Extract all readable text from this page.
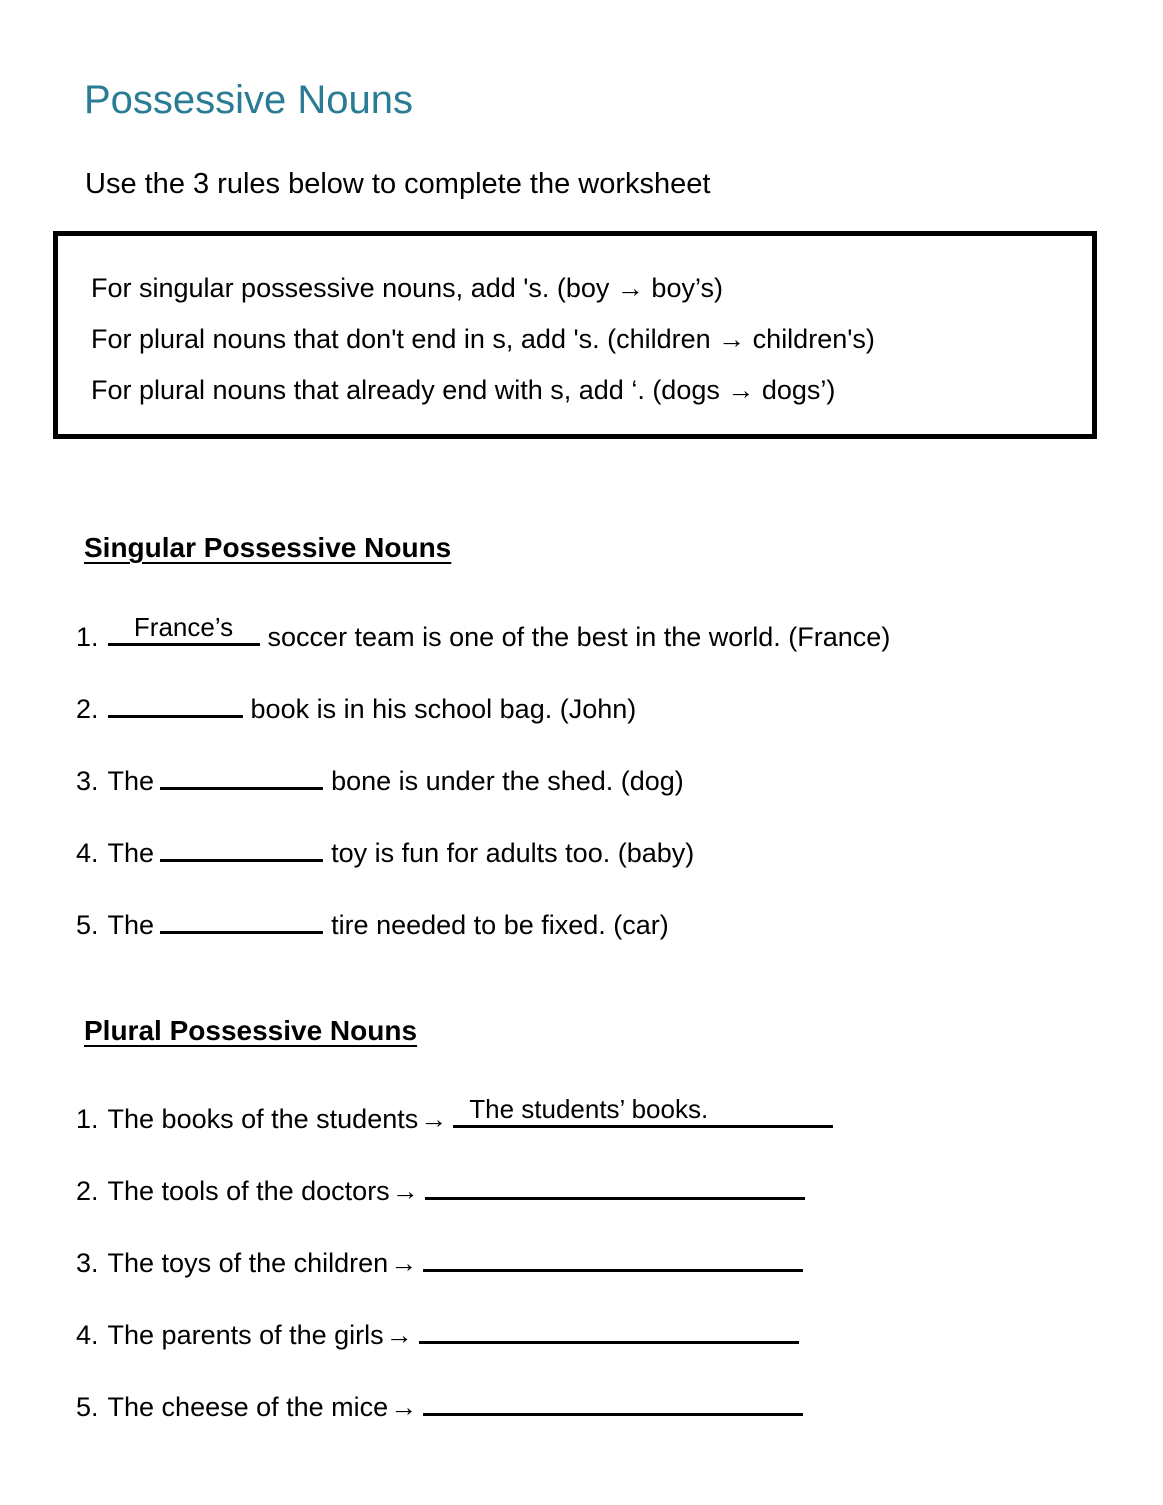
Possessive Nouns
Use the 3 rules below to complete the worksheet
For singular possessive nouns, add 's. (boy → boy’s)
For plural nouns that don't end in s, add 's. (children → children's)
For plural nouns that already end with s, add ‘. (dogs → dogs’)
Singular Possessive Nouns
1.	France’s	soccer team is one of the best in the world. (France)
2.	book is in his school bag. (John)
3. The	bone is under the shed. (dog)
4. The	toy is fun for adults too. (baby)
5. The	tire needed to be fixed. (car)
Plural Possessive Nouns
1. The books of the students → The students’ books.
2. The tools of the doctors →
3. The toys of the children →
4. The parents of the girls →
5. The cheese of the mice →
